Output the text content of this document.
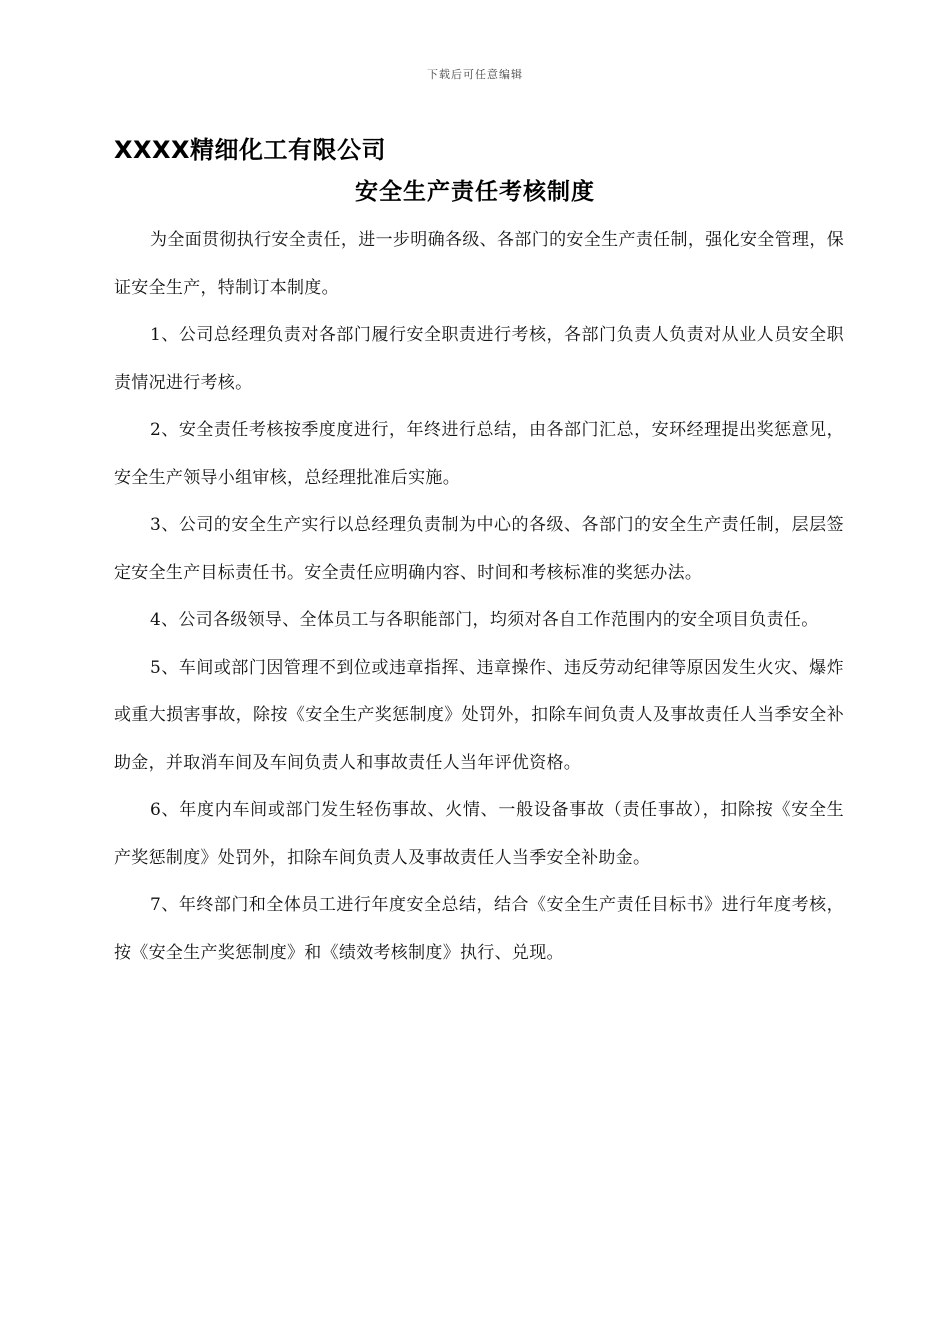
下载后可任意编辑
XXXX精细化工有限公司
安全生产责任考核制度

为全面贯彻执行安全责任，进一步明确各级、各部门的安全生产责任制，强化安全管理，保证安全生产，特制订本制度。

1、公司总经理负责对各部门履行安全职责进行考核，各部门负责人负责对从业人员安全职责情况进行考核。

2、安全责任考核按季度度进行，年终进行总结，由各部门汇总，安环经理提出奖惩意见，安全生产领导小组审核，总经理批准后实施。

3、公司的安全生产实行以总经理负责制为中心的各级、各部门的安全生产责任制，层层签定安全生产目标责任书。安全责任应明确内容、时间和考核标准的奖惩办法。

4、公司各级领导、全体员工与各职能部门，均须对各自工作范围内的安全项目负责任。

5、车间或部门因管理不到位或违章指挥、违章操作、违反劳动纪律等原因发生火灾、爆炸或重大损害事故，除按《安全生产奖惩制度》处罚外，扣除车间负责人及事故责任人当季安全补助金，并取消车间及车间负责人和事故责任人当年评优资格。

6、年度内车间或部门发生轻伤事故、火情、一般设备事故（责任事故），扣除按《安全生产奖惩制度》处罚外，扣除车间负责人及事故责任人当季安全补助金。

7、年终部门和全体员工进行年度安全总结，结合《安全生产责任目标书》进行年度考核，按《安全生产奖惩制度》和《绩效考核制度》执行、兑现。
